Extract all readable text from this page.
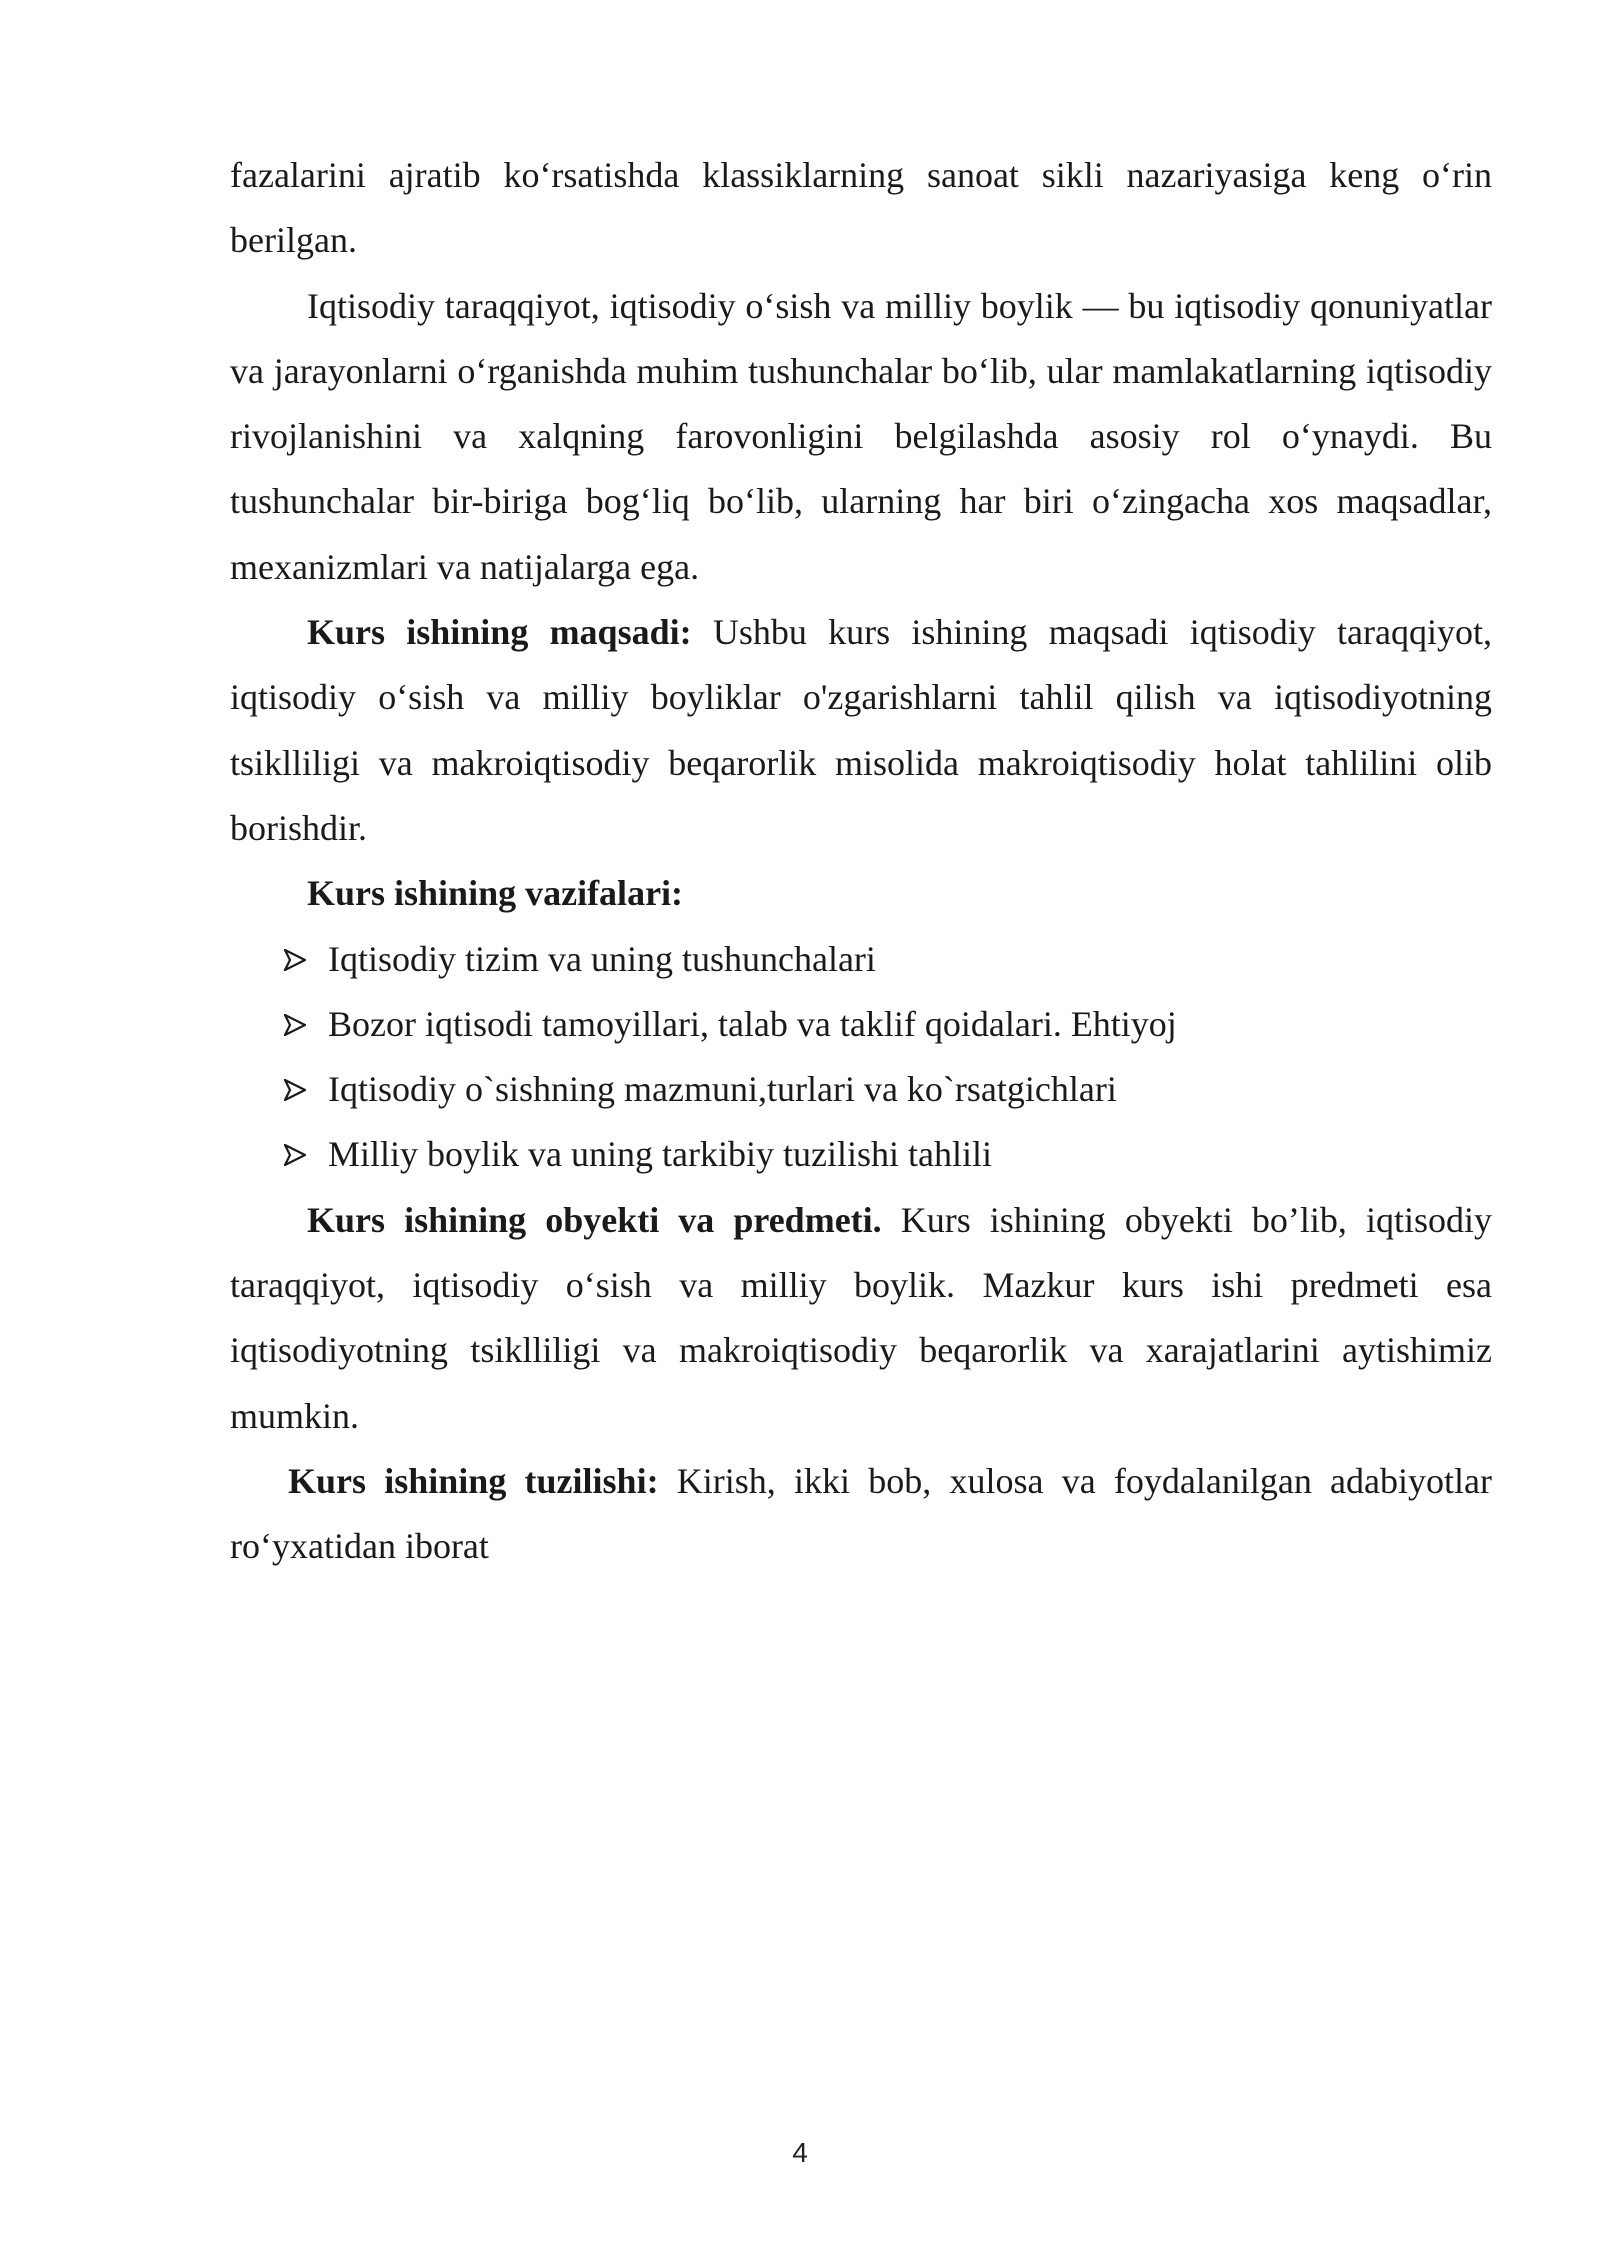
fazalarini ajratib ko‘rsatishda klassiklarning sanoat sikli nazariyasiga keng o‘rin berilgan.

Iqtisodiy taraqqiyot, iqtisodiy o‘sish va milliy boylik — bu iqtisodiy qonuniyatlar va jarayonlarni o‘rganishda muhim tushunchalar bo‘lib, ular mamlakatlarning iqtisodiy rivojlanishini va xalqning farovonligini belgilashda asosiy rol o‘ynaydi. Bu tushunchalar bir-biriga bog‘liq bo‘lib, ularning har biri o‘zingacha xos maqsadlar, mexanizmlari va natijalarga ega.

Kurs ishining maqsadi: Ushbu kurs ishining maqsadi iqtisodiy taraqqiyot, iqtisodiy o‘sish va milliy boyliklar o'zgarishlarni tahlil qilish va iqtisodiyotning tsiklliligi va makroiqtisodiy beqarorlik misolida makroiqtisodiy holat tahlilini olib borishdir.

Kurs ishining vazifalari:

Iqtisodiy tizim va uning tushunchalari
Bozor iqtisodi tamoyillari, talab va taklif qoidalari. Ehtiyoj
Iqtisodiy o`sishning mazmuni,turlari va ko`rsatgichlari
Milliy boylik va uning tarkibiy tuzilishi tahlili

Kurs ishining obyekti va predmeti. Kurs ishining obyekti bo’lib, iqtisodiy taraqqiyot, iqtisodiy o‘sish va milliy boylik. Mazkur kurs ishi predmeti esa iqtisodiyotning tsiklliligi va makroiqtisodiy beqarorlik va xarajatlarini aytishimiz mumkin.

Kurs ishining tuzilishi: Kirish, ikki bob, xulosa va foydalanilgan adabiyotlar ro‘yxatidan iborat

4
